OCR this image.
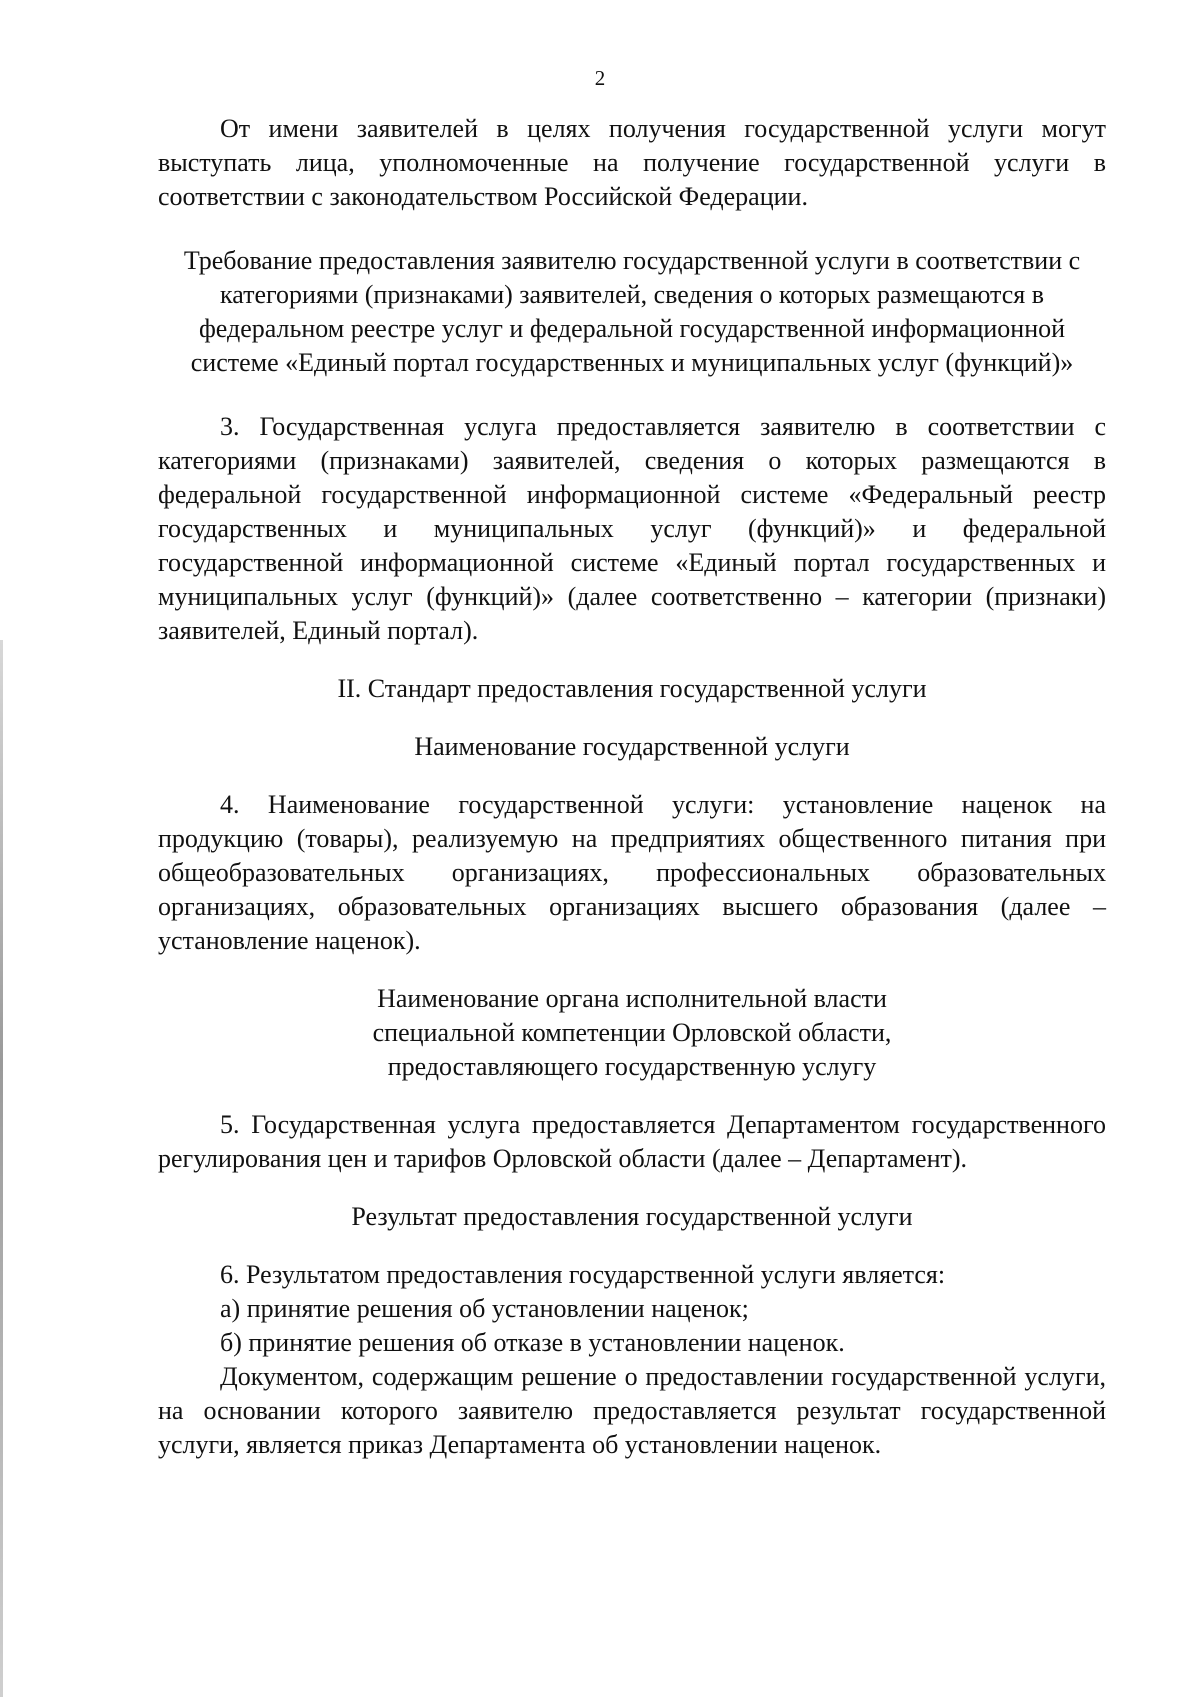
2

От имени заявителей в целях получения государственной услуги могут выступать лица, уполномоченные на получение государственной услуги в соответствии с законодательством Российской Федерации.

Требование предоставления заявителю государственной услуги в соответствии с
категориями (признаками) заявителей, сведения о которых размещаются в
федеральном реестре услуг и федеральной государственной информационной
системе «Единый портал государственных и муниципальных услуг (функций)»

3. Государственная услуга предоставляется заявителю в соответствии с категориями (признаками) заявителей, сведения о которых размещаются в федеральной государственной информационной системе «Федеральный реестр государственных и муниципальных услуг (функций)» и федеральной государственной информационной системе «Единый портал государственных и муниципальных услуг (функций)» (далее соответственно – категории (признаки) заявителей, Единый портал).

II. Стандарт предоставления государственной услуги

Наименование государственной услуги

4. Наименование государственной услуги: установление наценок на продукцию (товары), реализуемую на предприятиях общественного питания при общеобразовательных организациях, профессиональных образовательных организациях, образовательных организациях высшего образования (далее – установление наценок).

Наименование органа исполнительной власти
специальной компетенции Орловской области,
предоставляющего государственную услугу

5. Государственная услуга предоставляется Департаментом государственного регулирования цен и тарифов Орловской области (далее – Департамент).

Результат предоставления государственной услуги

6. Результатом предоставления государственной услуги является:

а) принятие решения об установлении наценок;

б) принятие решения об отказе в установлении наценок.

Документом, содержащим решение о предоставлении государственной услуги, на основании которого заявителю предоставляется результат государственной услуги, является приказ Департамента об установлении наценок.
